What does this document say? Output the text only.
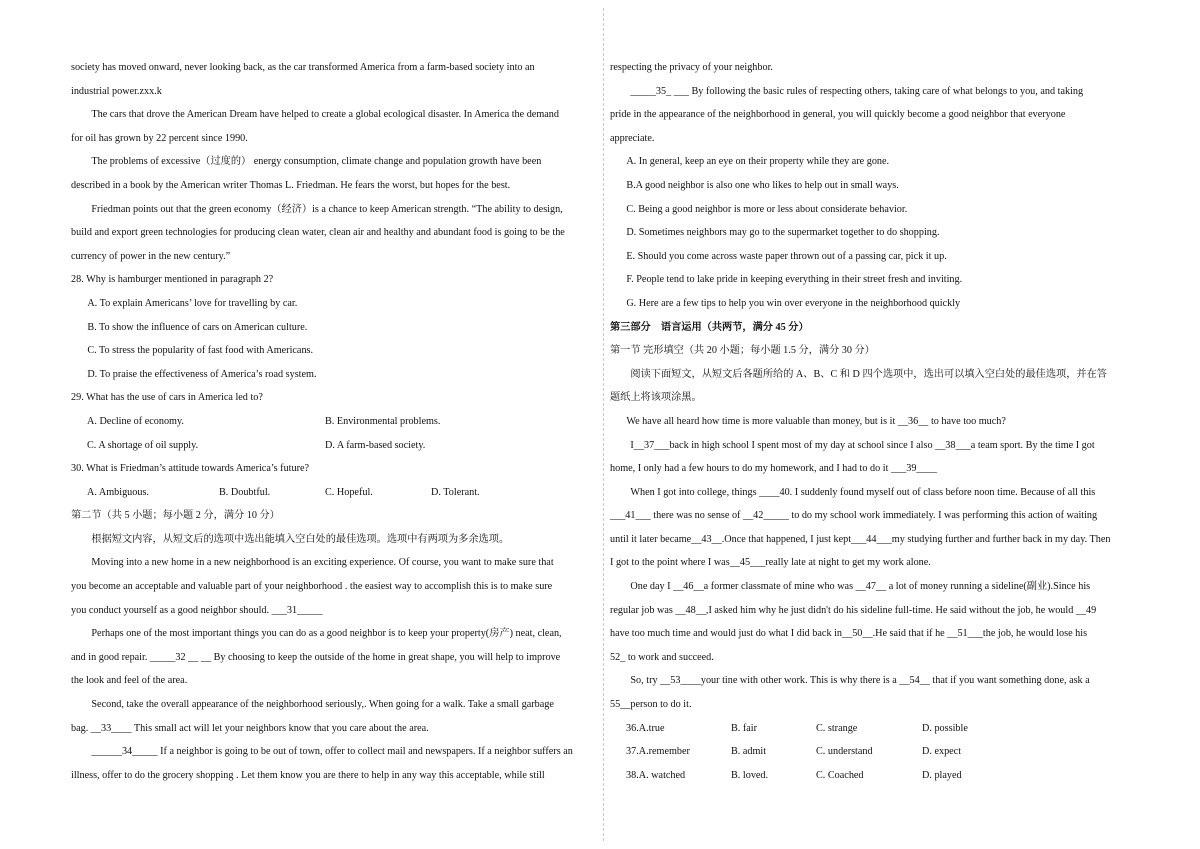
society has moved onward, never looking back, as the car transformed America from a farm-based society into an

industrial power.zxx.k

The cars that drove the American Dream have helped to create a global ecological disaster. In America the demand

for oil has grown by 22 percent since 1990.

The problems of excessive（过度的） energy consumption, climate change and population growth have been

described in a book by the American writer Thomas L. Friedman. He fears the worst, but hopes for the best.

Friedman points out that the green economy（经济）is a chance to keep American strength. “The ability to design,

build and export green technologies for producing clean water, clean air and healthy and abundant food is going to be the

currency of power in the new century.”

28. Why is hamburger mentioned in paragraph 2?

A. To explain Americans’ love for travelling by car.

B. To show the influence of cars on American culture.

C. To stress the popularity of fast food with Americans.

D. To praise the effectiveness of America’s road system.

29. What has the use of cars in America led to?

A. Decline of economy.	B. Environmental problems.
C. A shortage of oil supply.	D. A farm-based society.

30. What is Friedman’s attitude towards America’s future?

A. Ambiguous.	B. Doubtful.	C. Hopeful.	D. Tolerant.

第二节（共 5 小题；每小题 2 分，满分 10 分）

根据短文内容，从短文后的选项中选出能填入空白处的最佳选项。选项中有两项为多余选项。

Moving into a new home in a new neighborhood is an exciting experience. Of course, you want to make sure that

you become an acceptable and valuable part of your neighborhood . the easiest way to accomplish this is to make sure

you conduct yourself as a good neighbor should. ___31_____

Perhaps one of the most important things you can do as a good neighbor is to keep your property(房产) neat, clean,

and in good repair. _____32 __ __ By choosing to keep the outside of the home in great shape, you will help to improve

the look and feel of the area.

Second, take the overall appearance of the neighborhood seriously,. When going for a walk. Take a small garbage

bag. __33____ This small act will let your neighbors know that you care about the area.

______34_____ If a neighbor is going to be out of town, offer to collect mail and newspapers. If a neighbor suffers an

illness, offer to do the grocery shopping . Let them know you are there to help in any way this acceptable, while still

respecting the privacy of your neighbor.

_____35_ ___ By following the basic rules of respecting others, taking care of what belongs to you, and taking

pride in the appearance of the neighborhood in general, you will quickly become a good neighbor that everyone

appreciate.

A. In general, keep an eye on their property while they are gone.

B.A good neighbor is also one who likes to help out in small ways.

C. Being a good neighbor is more or less about considerate behavior.

D. Sometimes neighbors may go to the supermarket together to do shopping.

E. Should you come across waste paper thrown out of a passing car, pick it up.

F. People tend to lake pride in keeping everything in their street fresh and inviting.

G. Here are a few tips to help you win over everyone in the neighborhood quickly

第三部分　语言运用（共两节，满分 45 分）

第一节 完形填空（共 20 小题；每小题 1.5 分，满分 30 分）

阅读下面短文，从短文后各题所给的 A、B、C 和 D 四个选项中，选出可以填入空白处的最佳选项，并在答

题纸上将该项涂黑。

We have all heard how time is more valuable than money, but is it __36__ to have too much?

I__37___back in high school I spent most of my day at school since I also __38___a team sport. By the time I got

home, I only had a few hours to do my homework, and I had to do it ___39____

When I got into college, things ____40. I suddenly found myself out of class before noon time. Because of all this

___41___ there was no sense of __42_____ to do my school work immediately. I was performing this action of waiting

until it later became__43__.Once that happened, I just kept___44___my studying further and further back in my day. Then

I got to the point where I was__45___really late at night to get my work alone.

One day I __46__a former classmate of mine who was __47__ a lot of money running a sideline(副业).Since his

regular job was __48__,I asked him why he just didn't do his sideline full-time. He said without the job, he would __49

have too much time and would just do what I did back in__50__.He said that if he __51___the job, he would lose his

52_ to work and succeed.

So, try __53____your tine with other work. This is why there is a __54__ that if you want something done, ask a

55__person to do it.

36.A.true	B. fair	C. strange	D. possible
37.A.remember	B. admit	C. understand	D. expect
38.A. watched	B. loved.	C. Coached	D. played
